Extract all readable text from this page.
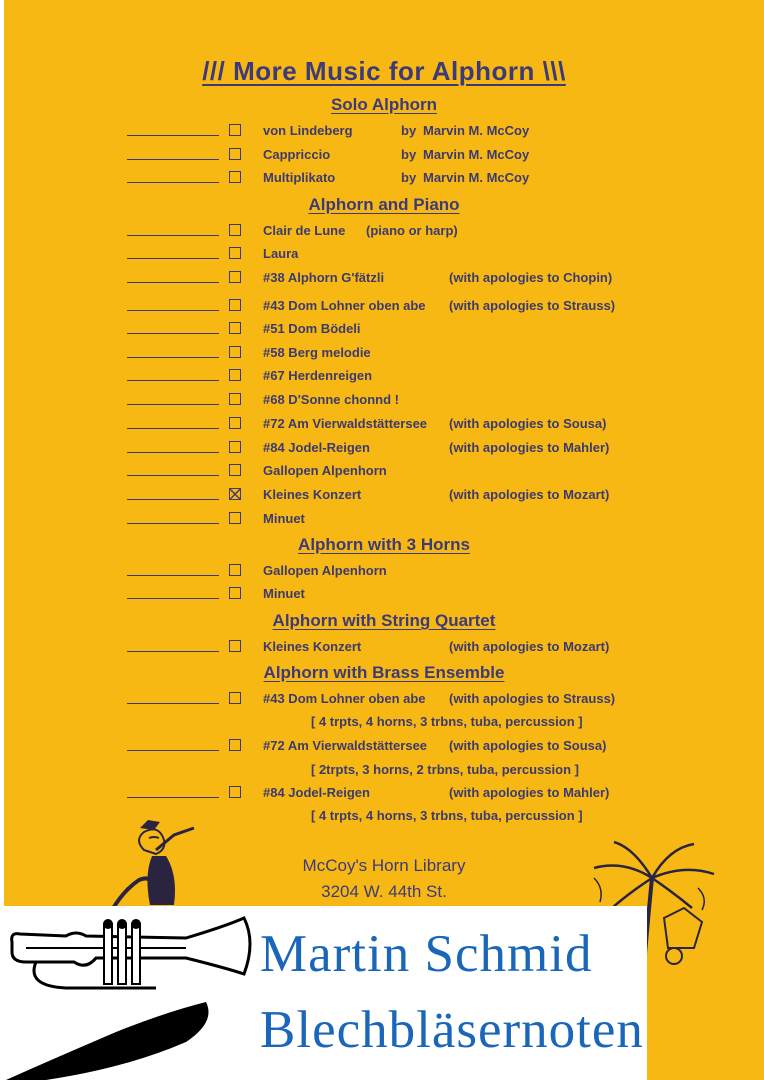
/// More Music for Alphorn \\\
Solo Alphorn
von Lindeberg	by Marvin M. McCoy
Cappriccio	by Marvin M. McCoy
Multiplikato	by Marvin M. McCoy
Alphorn and Piano
Clair de Lune (piano or harp)
Laura
#38 Alphorn G'fätzli	(with apologies to Chopin)
#43 Dom Lohner oben abe (with apologies to Strauss)
#51 Dom Bödeli
#58 Berg melodie
#67 Herdenreigen
#68 D'Sonne chonnd !
#72 Am Vierwaldstättersee (with apologies to Sousa)
#84 Jodel-Reigen	(with apologies to Mahler)
Gallopen Alpenhorn
Kleines Konzert	(with apologies to Mozart)
Minuet
Alphorn with 3 Horns
Gallopen Alpenhorn
Minuet
Alphorn with String Quartet
Kleines Konzert	(with apologies to Mozart)
Alphorn with Brass Ensemble
#43 Dom Lohner oben abe (with apologies to Strauss)
[ 4 trpts, 4 horns, 3 trbns, tuba, percussion ]
#72 Am Vierwaldstättersee (with apologies to Sousa)
[ 2trpts, 3 horns, 2 trbns, tuba, percussion ]
#84 Jodel-Reigen	(with apologies to Mahler)
[ 4 trpts, 4 horns, 3 trbns, tuba, percussion ]
McCoy's Horn Library
3204 W. 44th St.
Martin Schmid
Blechbläsernoten
